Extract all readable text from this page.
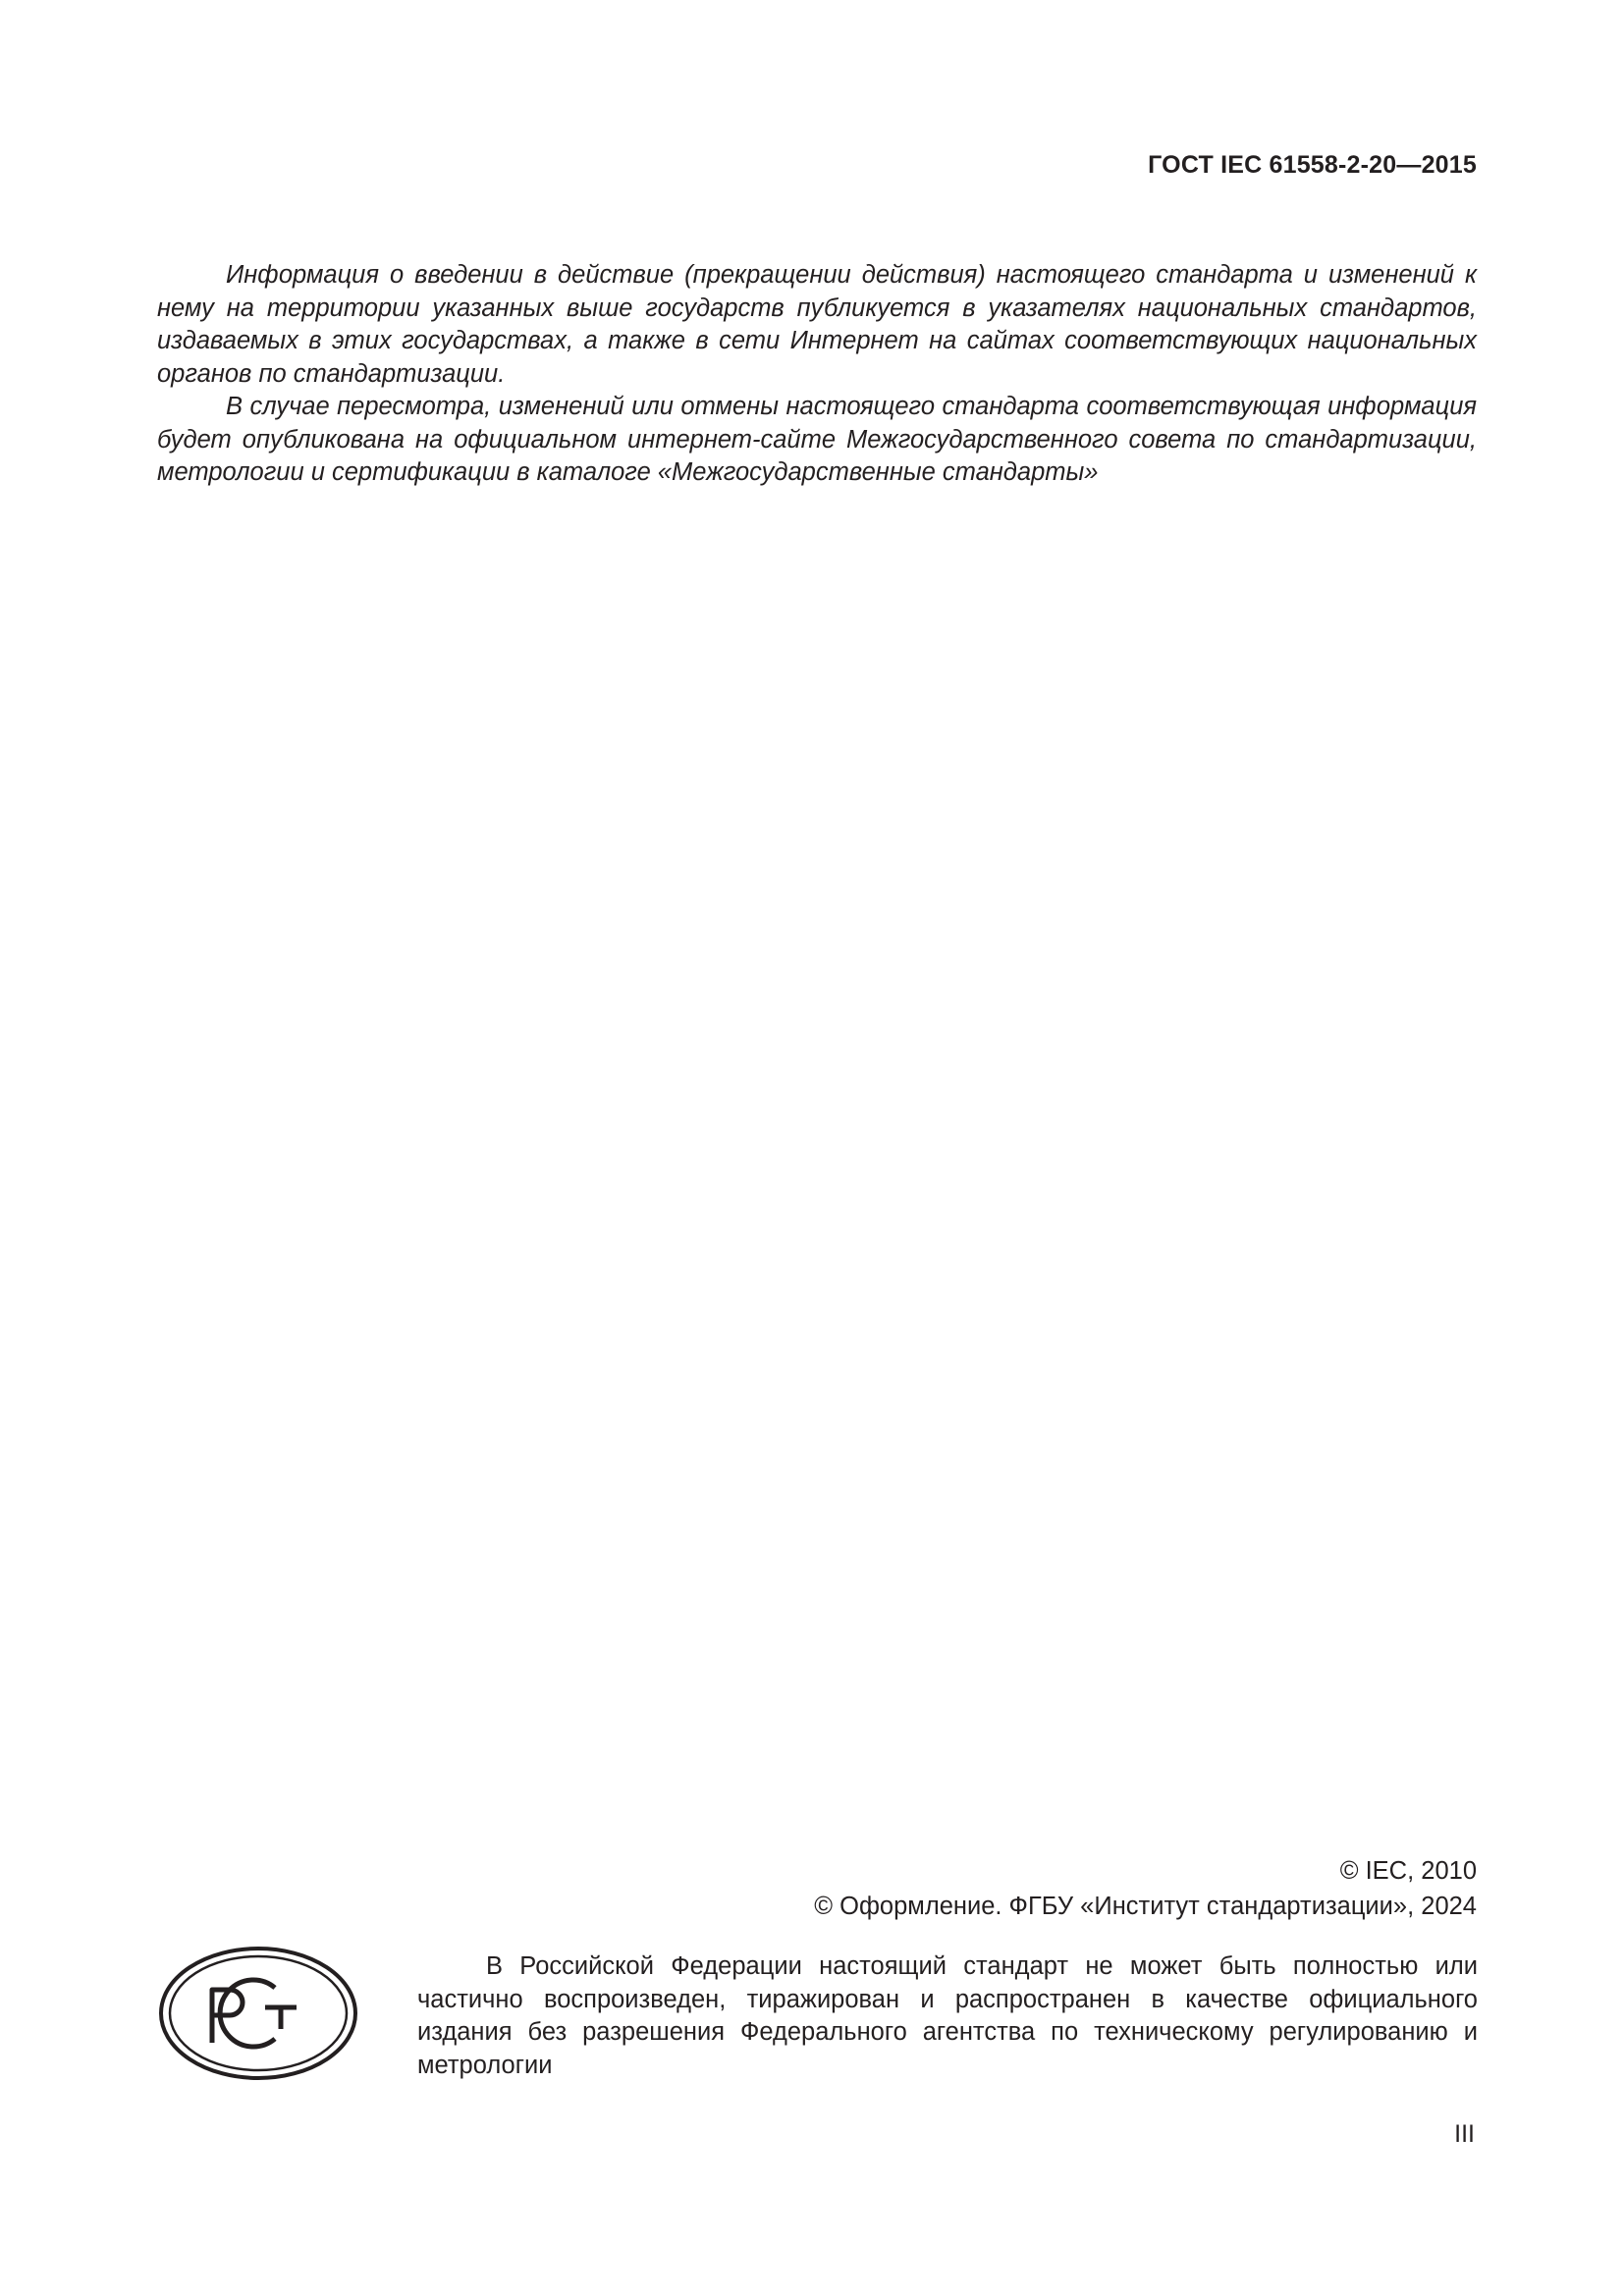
ГОСТ IEC 61558-2-20—2015

Информация о введении в действие (прекращении действия) настоящего стандарта и изменений к нему на территории указанных выше государств публикуется в указателях национальных стандартов, издаваемых в этих государствах, а также в сети Интернет на сайтах соответствующих национальных органов по стандартизации.

В случае пересмотра, изменений или отмены настоящего стандарта соответствующая информация будет опубликована на официальном интернет-сайте Межгосударственного совета по стандартизации, метрологии и сертификации в каталоге «Межгосударственные стандарты»

© IEC, 2010
© Оформление. ФГБУ «Институт стандартизации», 2024

В Российской Федерации настоящий стандарт не может быть полностью или частично воспроизведен, тиражирован и распространен в качестве официального издания без разрешения Федерального агентства по техническому регулированию и метрологии

III
